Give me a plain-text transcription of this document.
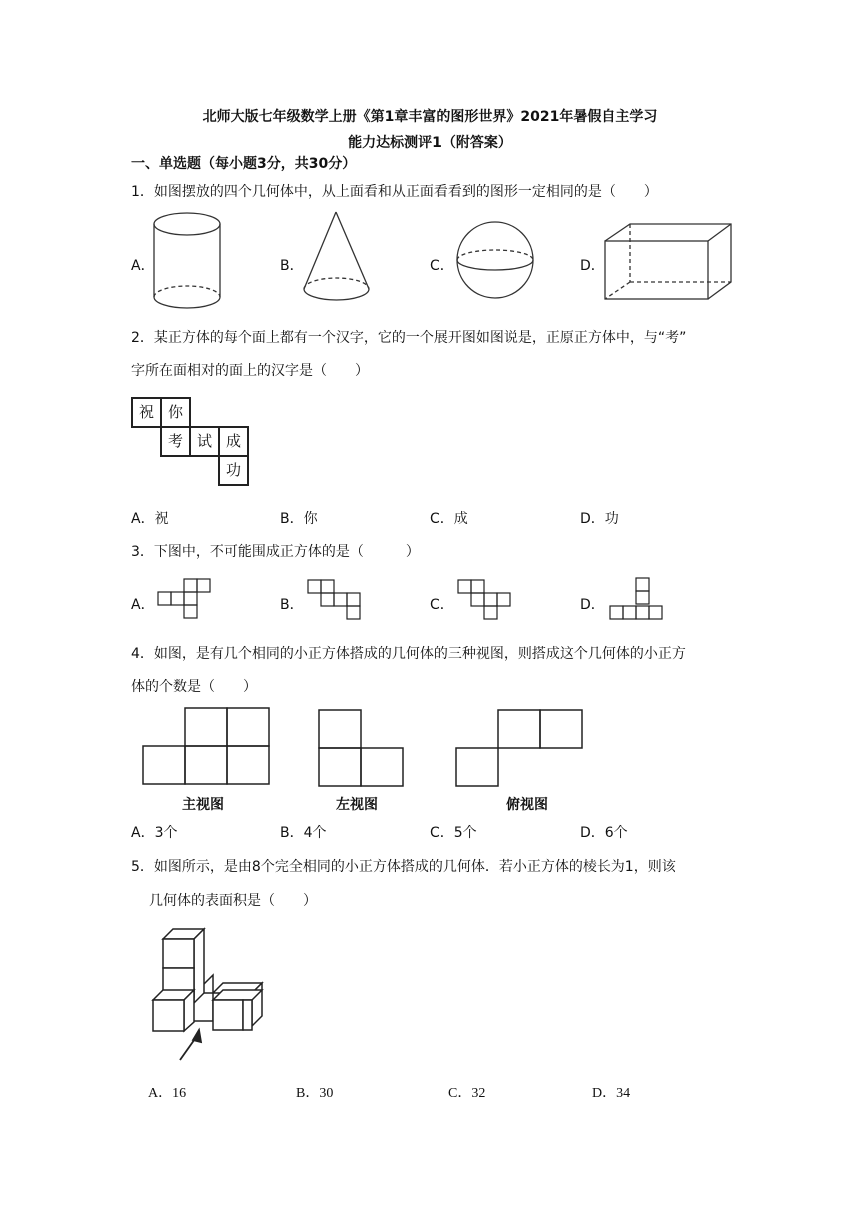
北师大版七年级数学上册《第1章丰富的图形世界》2021年暑假自主学习
能力达标测评1（附答案）
一、单选题（每小题3分，共30分）
1．如图摆放的四个几何体中，从上面看和从正面看看到的图形一定相同的是（　　）
A．	B．	C．	D．
祝 你
考 试 成
功
2．某正方体的每个面上都有一个汉字，它的一个展开图如图说是，正原正方体中，与“考”
字所在面相对的面上的汉字是（　　）
A．祝	B．你	C．成	D．功
3．下图中，不可能围成正方体的是（　　　）
A．	B．	C．	D．
4．如图，是有几个相同的小正方体搭成的几何体的三种视图，则搭成这个几何体的小正方
体的个数是（　　）
主视图	左视图	俯视图
A．3个	B．4个	C．5个	D．6个
5．如图所示，是由8个完全相同的小正方体搭成的几何体．若小正方体的棱长为1，则该
几何体的表面积是（　　）
A．16	B．30	C．32	D．34
